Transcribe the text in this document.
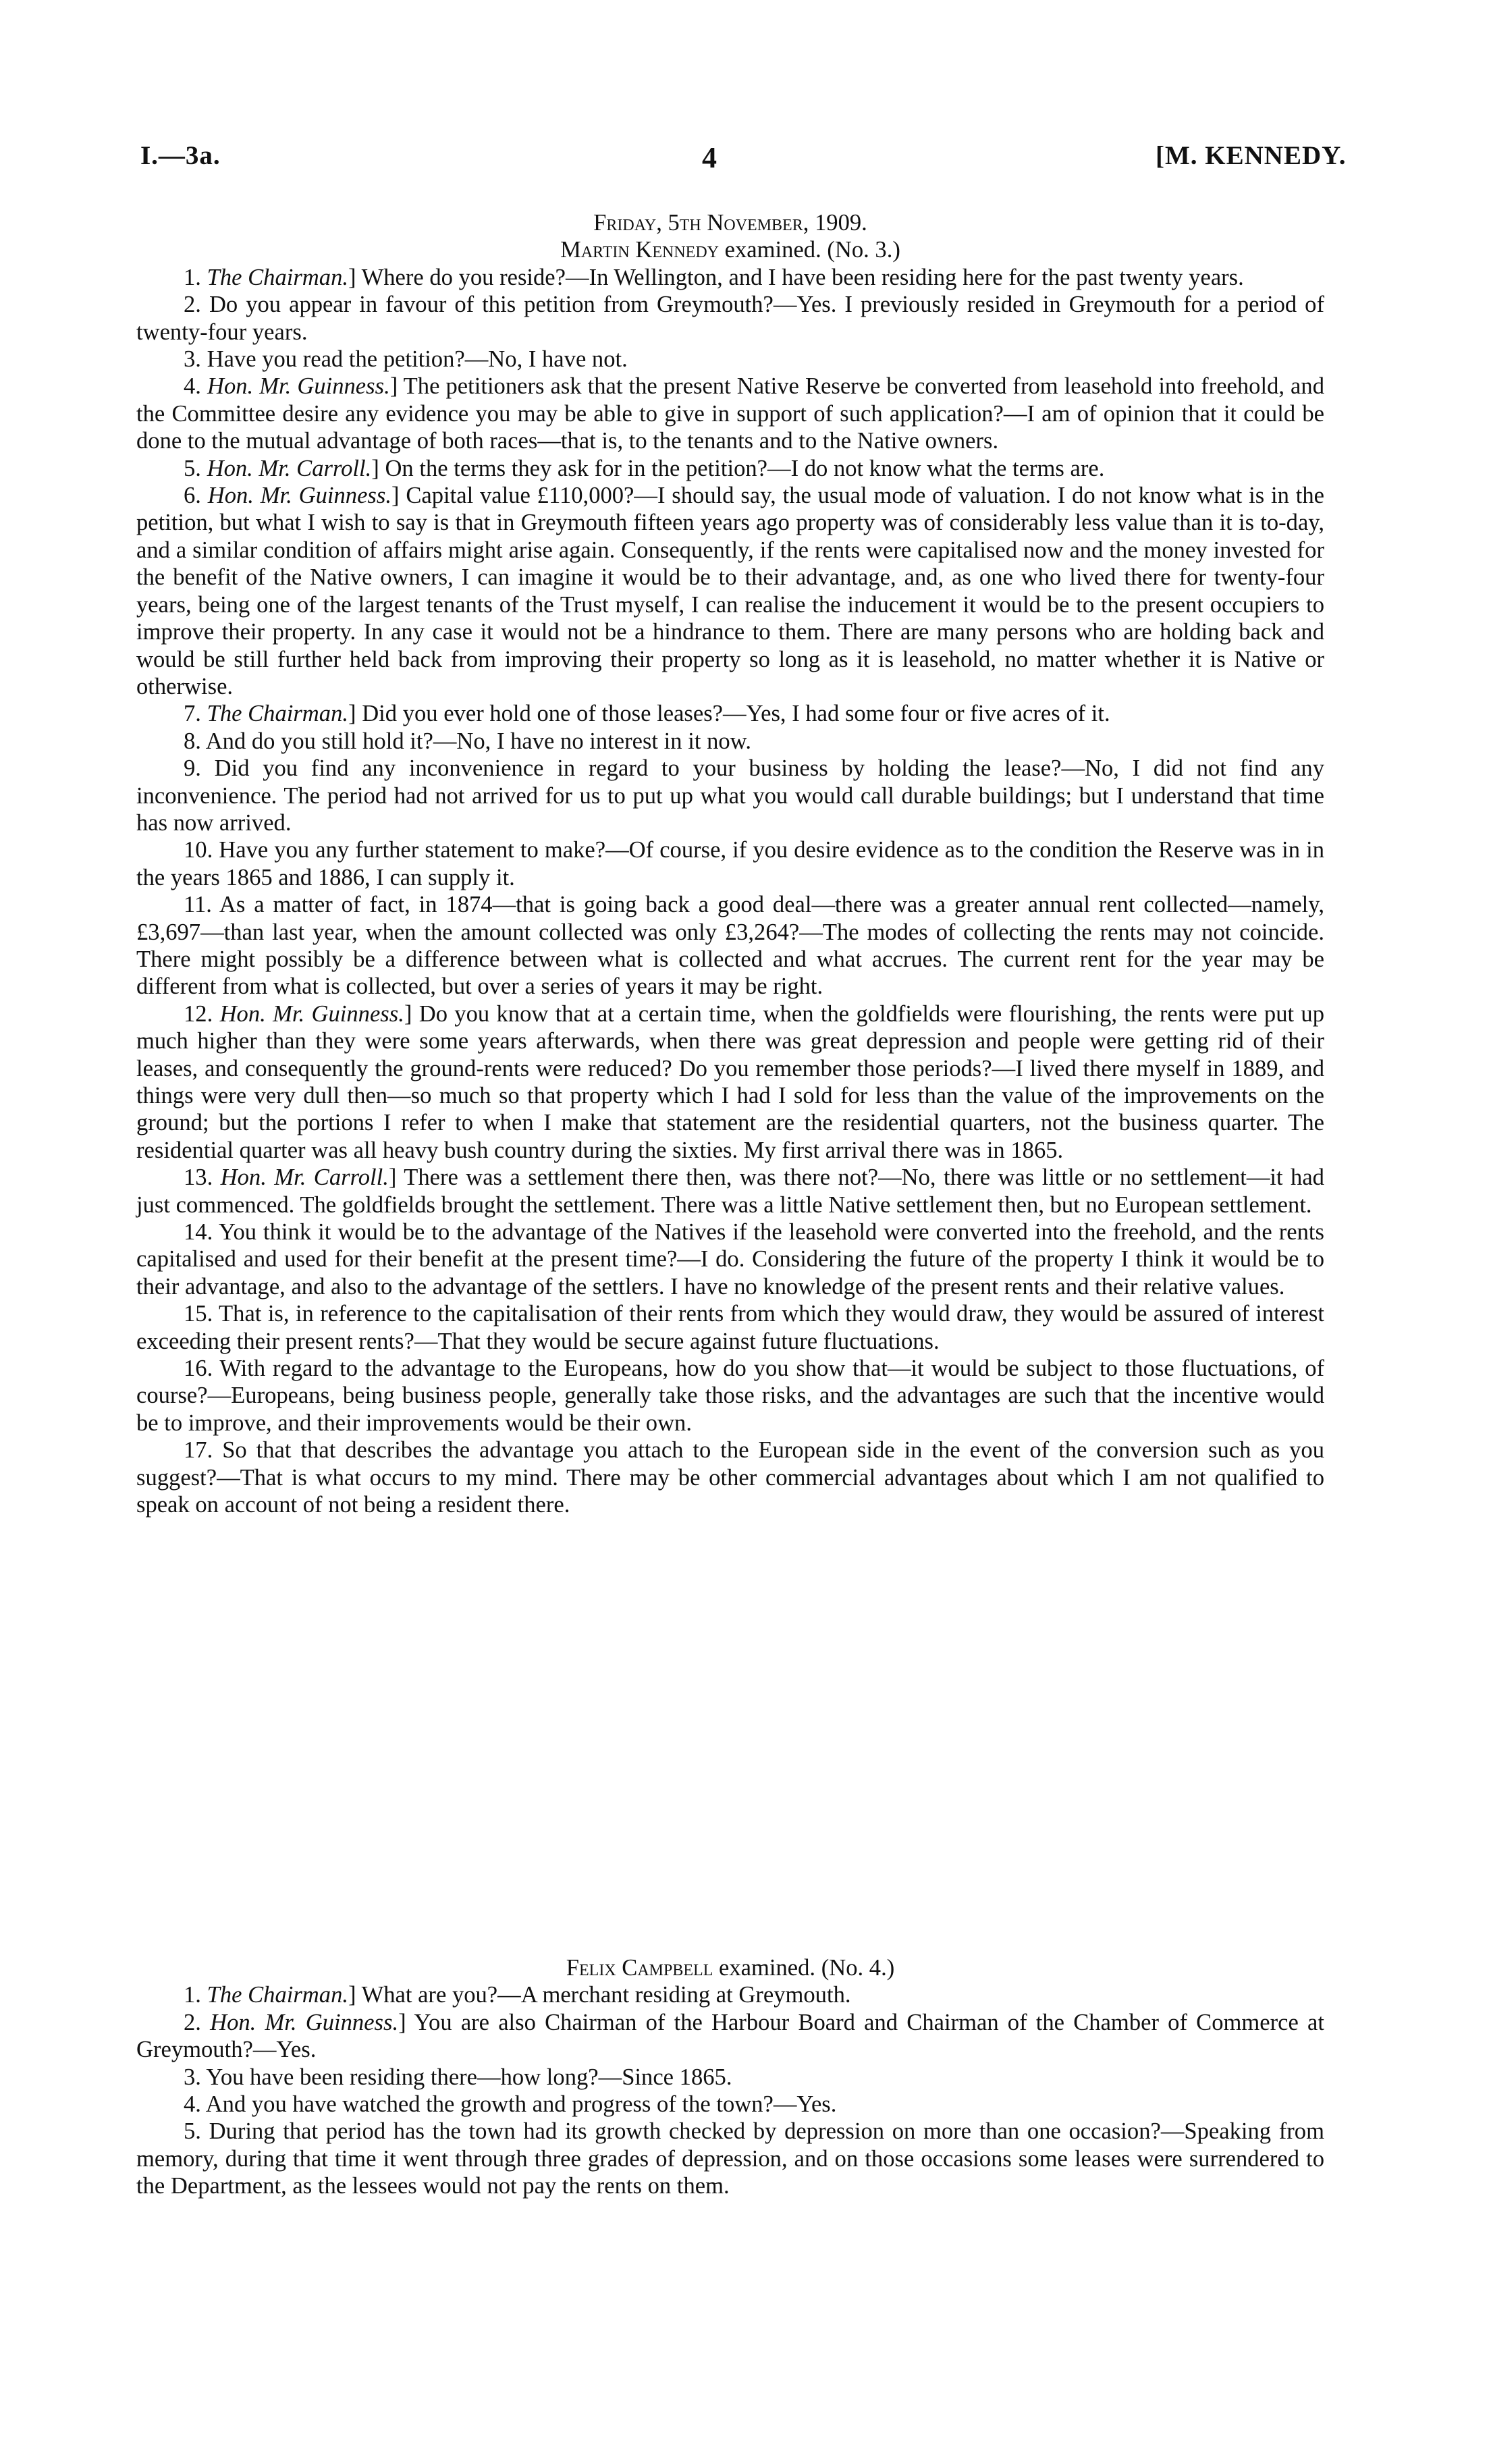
I.—3a.	4	[M. KENNEDY.

Friday, 5th November, 1909.

Martin Kennedy examined. (No. 3.)

1. The Chairman.] Where do you reside?—In Wellington, and I have been residing here for the past twenty years.

2. Do you appear in favour of this petition from Greymouth?—Yes. I previously resided in Greymouth for a period of twenty-four years.

3. Have you read the petition?—No, I have not.

4. Hon. Mr. Guinness.] The petitioners ask that the present Native Reserve be converted from leasehold into freehold, and the Committee desire any evidence you may be able to give in support of such application?—I am of opinion that it could be done to the mutual advantage of both races—that is, to the tenants and to the Native owners.

5. Hon. Mr. Carroll.] On the terms they ask for in the petition?—I do not know what the terms are.

6. Hon. Mr. Guinness.] Capital value £110,000?—I should say, the usual mode of valuation. I do not know what is in the petition, but what I wish to say is that in Greymouth fifteen years ago property was of considerably less value than it is to-day, and a similar condition of affairs might arise again. Consequently, if the rents were capitalised now and the money invested for the benefit of the Native owners, I can imagine it would be to their advantage, and, as one who lived there for twenty-four years, being one of the largest tenants of the Trust myself, I can realise the inducement it would be to the present occupiers to improve their property. In any case it would not be a hindrance to them. There are many persons who are holding back and would be still further held back from improving their property so long as it is leasehold, no matter whether it is Native or otherwise.

7. The Chairman.] Did you ever hold one of those leases?—Yes, I had some four or five acres of it.

8. And do you still hold it?—No, I have no interest in it now.

9. Did you find any inconvenience in regard to your business by holding the lease?—No, I did not find any inconvenience. The period had not arrived for us to put up what you would call durable buildings; but I understand that time has now arrived.

10. Have you any further statement to make?—Of course, if you desire evidence as to the condition the Reserve was in in the years 1865 and 1886, I can supply it.

11. As a matter of fact, in 1874—that is going back a good deal—there was a greater annual rent collected—namely, £3,697—than last year, when the amount collected was only £3,264?—The modes of collecting the rents may not coincide. There might possibly be a difference between what is collected and what accrues. The current rent for the year may be different from what is collected, but over a series of years it may be right.

12. Hon. Mr. Guinness.] Do you know that at a certain time, when the goldfields were flourishing, the rents were put up much higher than they were some years afterwards, when there was great depression and people were getting rid of their leases, and consequently the ground-rents were reduced? Do you remember those periods?—I lived there myself in 1889, and things were very dull then—so much so that property which I had I sold for less than the value of the improvements on the ground; but the portions I refer to when I make that statement are the residential quarters, not the business quarter. The residential quarter was all heavy bush country during the sixties. My first arrival there was in 1865.

13. Hon. Mr. Carroll.] There was a settlement there then, was there not?—No, there was little or no settlement—it had just commenced. The goldfields brought the settlement. There was a little Native settlement then, but no European settlement.

14. You think it would be to the advantage of the Natives if the leasehold were converted into the freehold, and the rents capitalised and used for their benefit at the present time?—I do. Considering the future of the property I think it would be to their advantage, and also to the advantage of the settlers. I have no knowledge of the present rents and their relative values.

15. That is, in reference to the capitalisation of their rents from which they would draw, they would be assured of interest exceeding their present rents?—That they would be secure against future fluctuations.

16. With regard to the advantage to the Europeans, how do you show that—it would be subject to those fluctuations, of course?—Europeans, being business people, generally take those risks, and the advantages are such that the incentive would be to improve, and their improvements would be their own.

17. So that that describes the advantage you attach to the European side in the event of the conversion such as you suggest?—That is what occurs to my mind. There may be other commercial advantages about which I am not qualified to speak on account of not being a resident there.

Felix Campbell examined. (No. 4.)

1. The Chairman.] What are you?—A merchant residing at Greymouth.

2. Hon. Mr. Guinness.] You are also Chairman of the Harbour Board and Chairman of the Chamber of Commerce at Greymouth?—Yes.

3. You have been residing there—how long?—Since 1865.

4. And you have watched the growth and progress of the town?—Yes.

5. During that period has the town had its growth checked by depression on more than one occasion?—Speaking from memory, during that time it went through three grades of depression, and on those occasions some leases were surrendered to the Department, as the lessees would not pay the rents on them.
